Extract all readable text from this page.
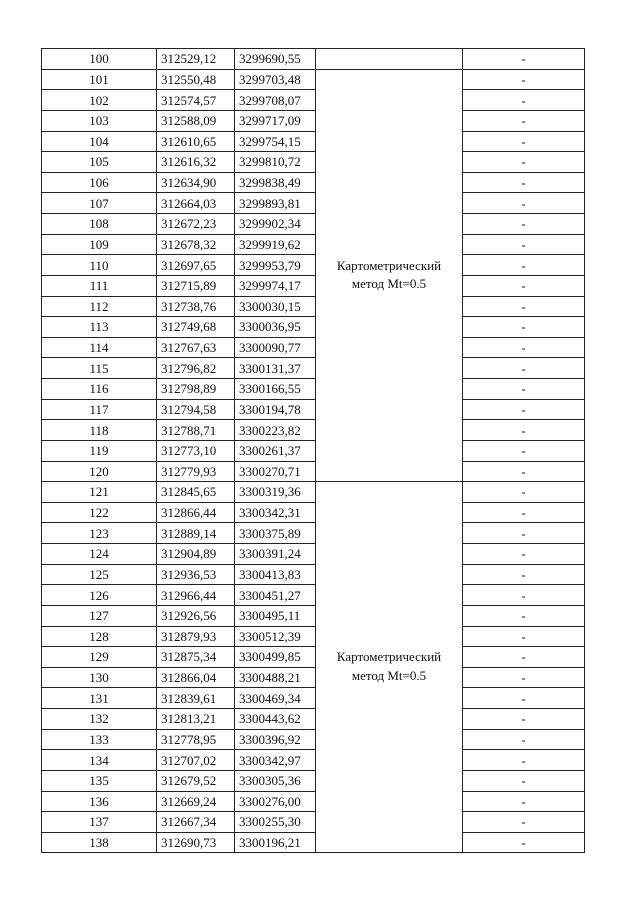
100	312529,12	3299690,55		-
101	312550,48	3299703,48	Картометрический
метод Mt=0.5	-
102	312574,57	3299708,07		-
103	312588,09	3299717,09		-
104	312610,65	3299754,15		-
105	312616,32	3299810,72		-
106	312634,90	3299838,49		-
107	312664,03	3299893,81		-
108	312672,23	3299902,34		-
109	312678,32	3299919,62		-
110	312697,65	3299953,79		-
111	312715,89	3299974,17		-
112	312738,76	3300030,15		-
113	312749,68	3300036,95		-
114	312767,63	3300090,77		-
115	312796,82	3300131,37		-
116	312798,89	3300166,55		-
117	312794,58	3300194,78		-
118	312788,71	3300223,82		-
119	312773,10	3300261,37		-
120	312779,93	3300270,71		-
121	312845,65	3300319,36	Картометрический
метод Mt=0.5	-
122	312866,44	3300342,31		-
123	312889,14	3300375,89		-
124	312904,89	3300391,24		-
125	312936,53	3300413,83		-
126	312966,44	3300451,27		-
127	312926,56	3300495,11		-
128	312879,93	3300512,39		-
129	312875,34	3300499,85		-
130	312866,04	3300488,21		-
131	312839,61	3300469,34		-
132	312813,21	3300443,62		-
133	312778,95	3300396,92		-
134	312707,02	3300342,97		-
135	312679,52	3300305,36		-
136	312669,24	3300276,00		-
137	312667,34	3300255,30		-
138	312690,73	3300196,21		-
